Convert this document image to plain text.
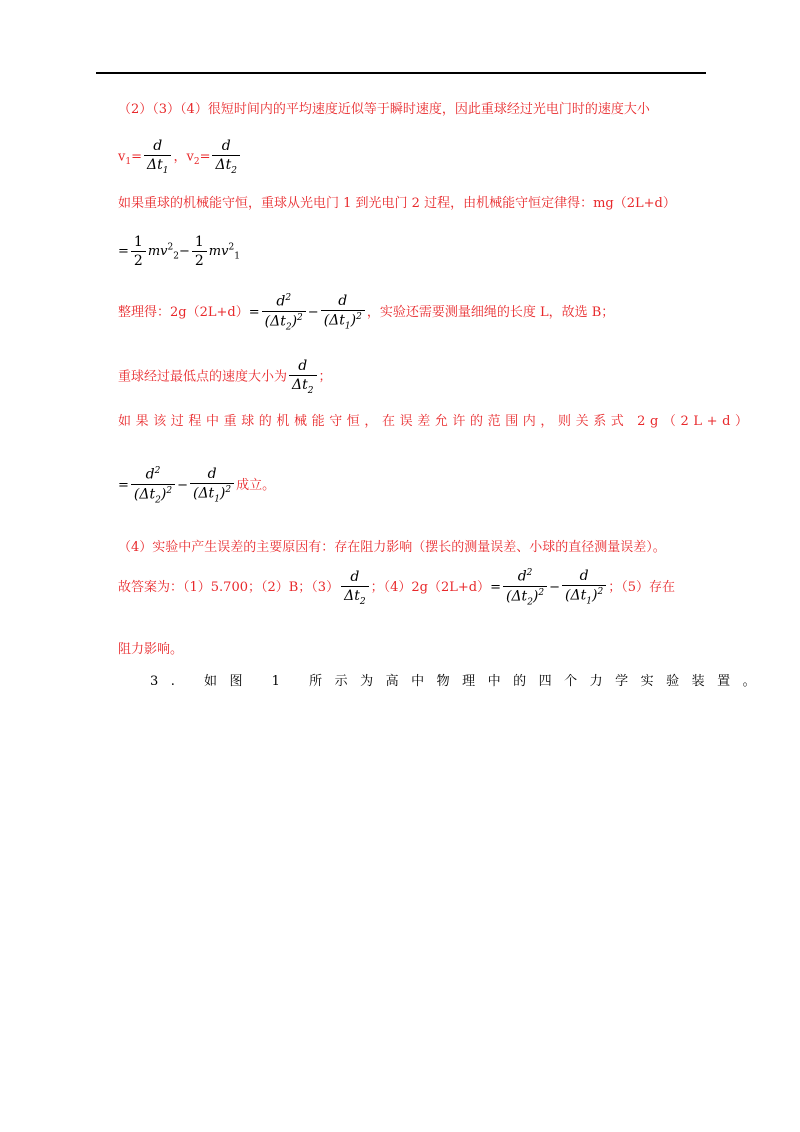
（2）（3）（4）很短时间内的平均速度近似等于瞬时速度，因此重球经过光电门时的速度大小
$v_1= \frac{d}{\Delta t_1}$ ，$v_2= \frac{d}{\Delta t_2}$
如果重球的机械能守恒，重球从光电门 1 到光电门 2 过程，由机械能守恒定律得：mg（2L+d）
= $\frac{1}{2} mv^2_2- \frac{1}{2} mv^2_1$
整理得：$2g(2L+d)= \frac{d^2}{(\Delta t_2)^2} - \frac{d}{(\Delta t_1)^2}$ ，实验还需要测量细绳的长度 L，故选 B；
重球经过最低点的速度大小为 $\frac{d}{\Delta t_2}$ ；
如果该过程中重球的机械能守恒，在误差允许的范围内，则关系式 2g（2L+d）
= $\frac{d^2}{(\Delta t_2)^2} - \frac{d}{(\Delta t_1)^2}$ 成立。
（4）实验中产生误差的主要原因有：存在阻力影响（摆长的测量误差、小球的直径测量误差）。
故答案为：（1）5.700；（2）B；$(3) \frac{d}{\Delta t_2}$ ；$(4)2g(2L+d)= \frac{d^2}{(\Delta t_2)^2} - \frac{d}{(\Delta t_1)^2}$ ；（5）存在
阻力影响。
3. 如图 1 所示为高中物理中的四个力学实验装置。
